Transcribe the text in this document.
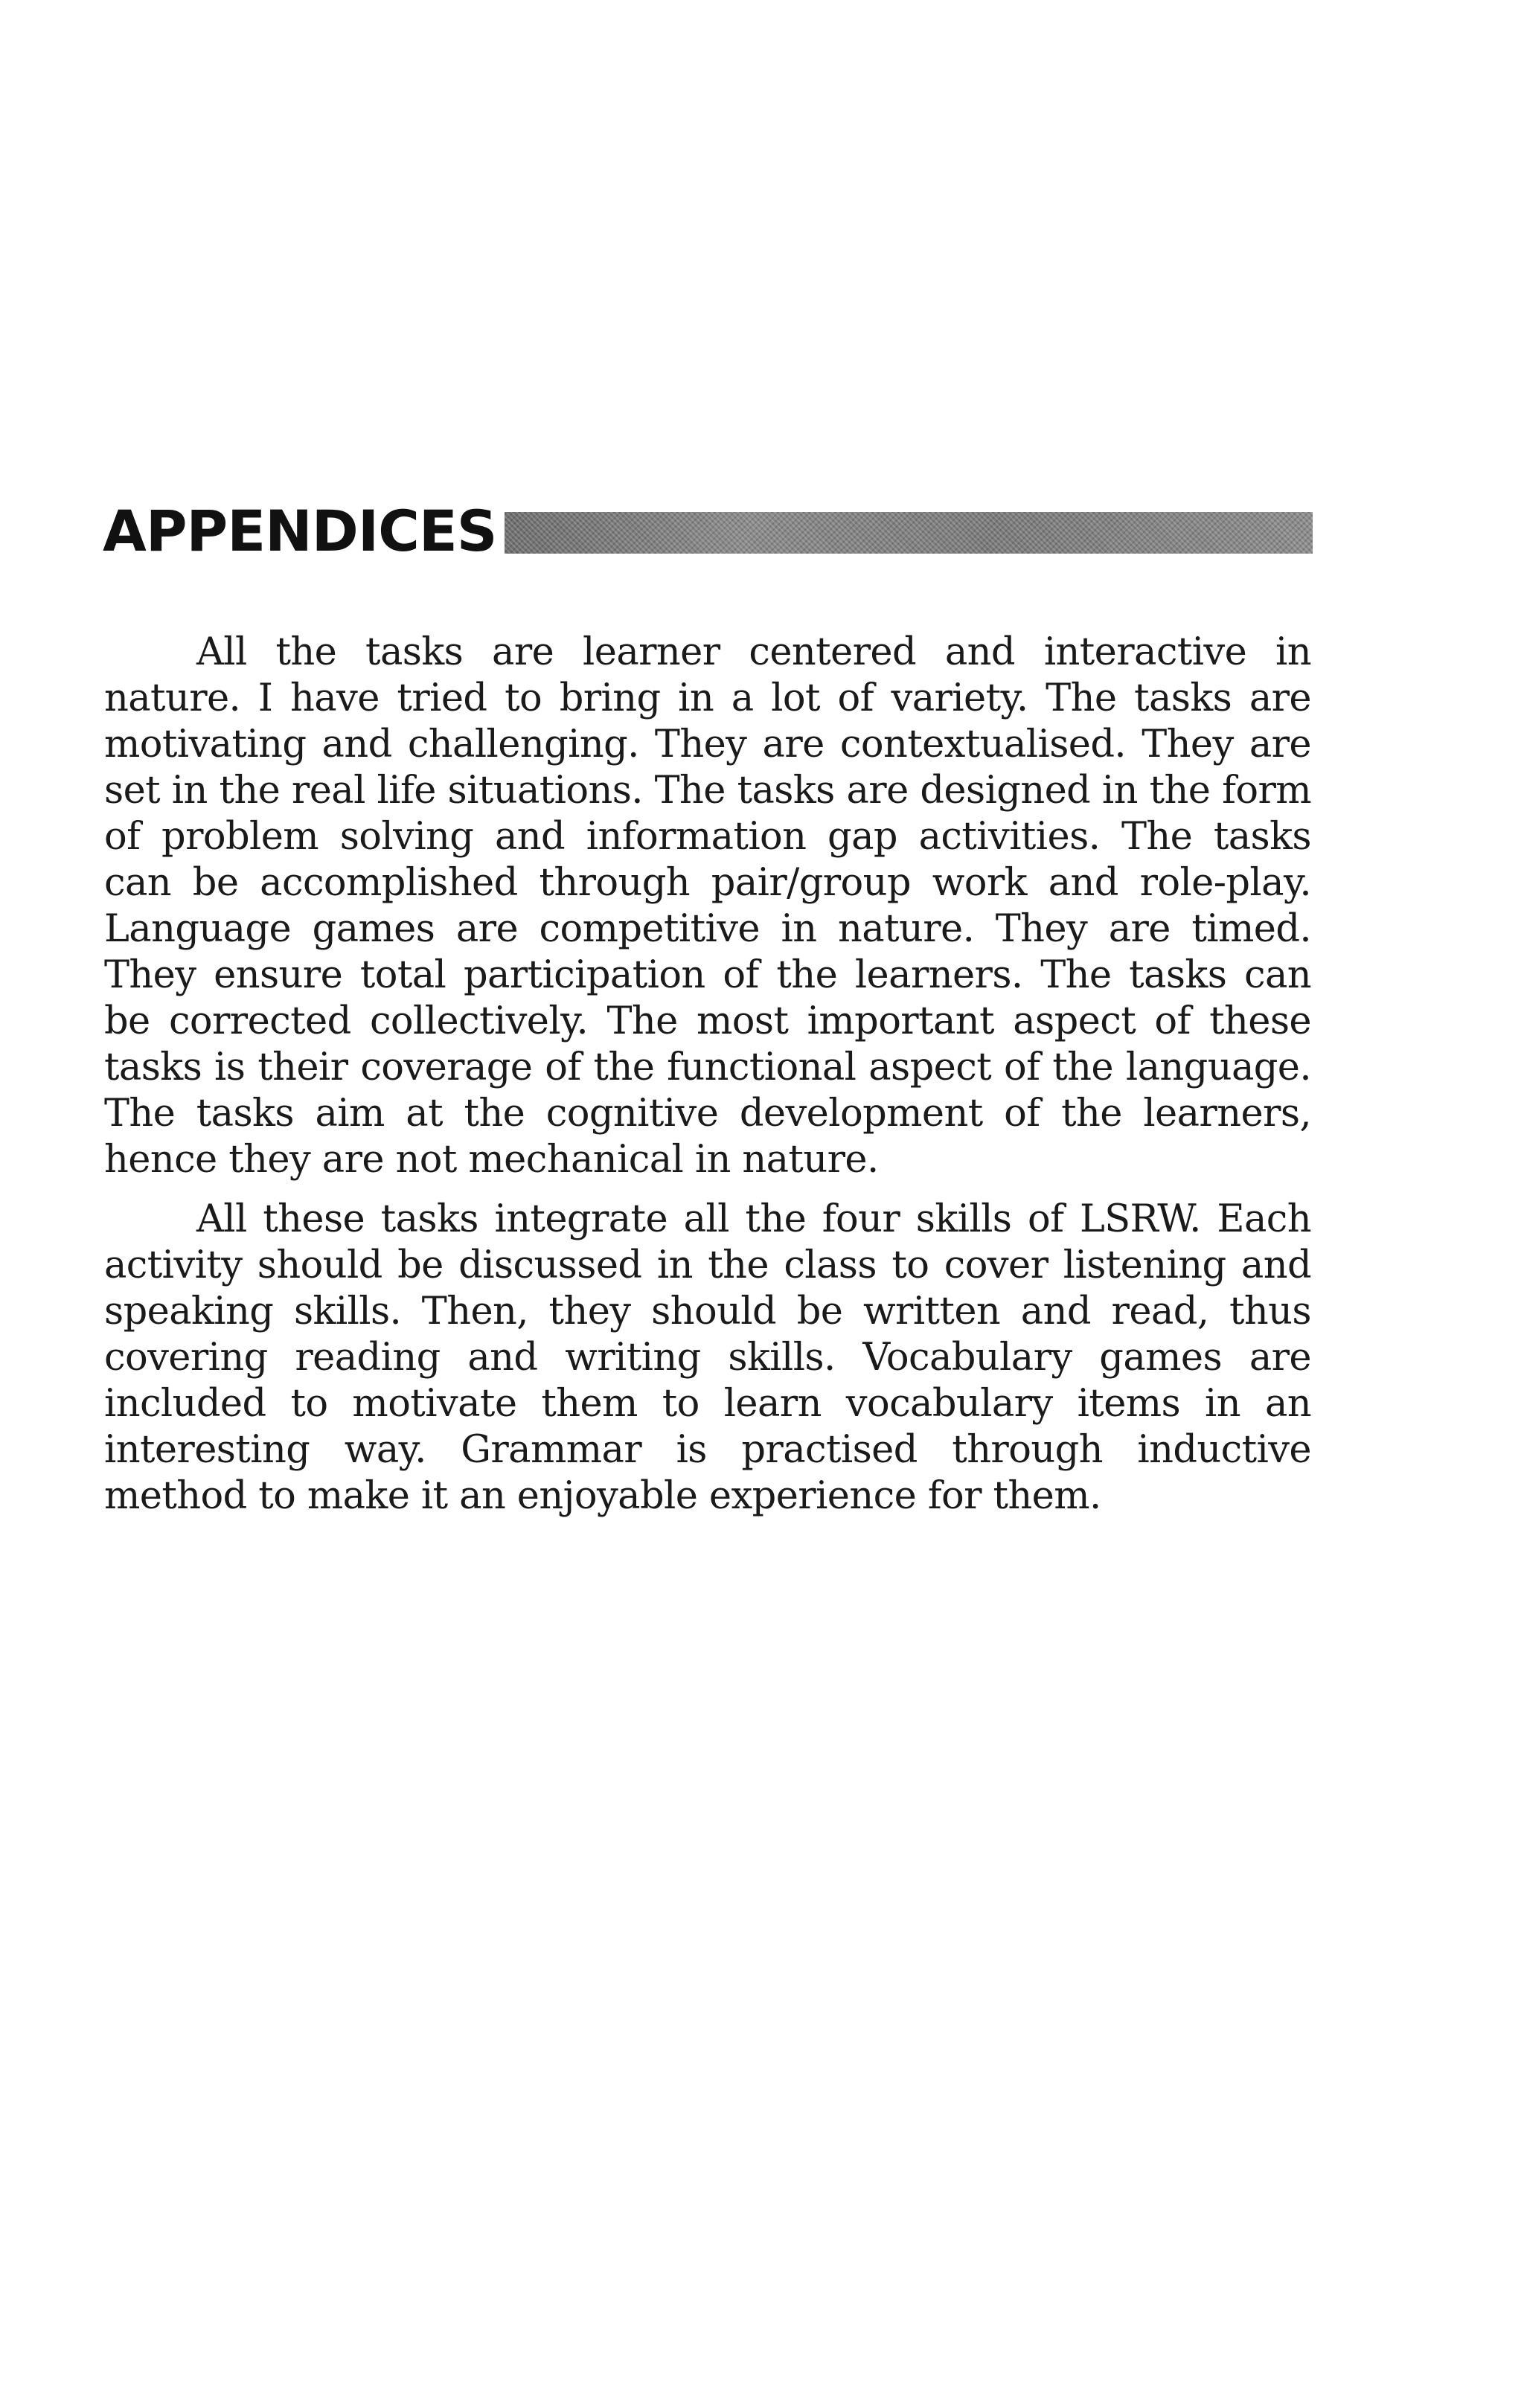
APPENDICES

All the tasks are learner centered and interactive in nature. I have tried to bring in a lot of variety. The tasks are motivating and challenging. They are contextualised. They are set in the real life situations. The tasks are designed in the form of problem solving and information gap activities. The tasks can be accomplished through pair/group work and role-play. Language games are competitive in nature. They are timed. They ensure total participation of the learners. The tasks can be corrected collectively. The most important aspect of these tasks is their coverage of the functional aspect of the language. The tasks aim at the cognitive development of the learners, hence they are not mechanical in nature.

All these tasks integrate all the four skills of LSRW. Each activity should be discussed in the class to cover listening and speaking skills. Then, they should be written and read, thus covering reading and writing skills. Vocabulary games are included to motivate them to learn vocabulary items in an interesting way. Grammar is practised through inductive method to make it an enjoyable experience for them.
